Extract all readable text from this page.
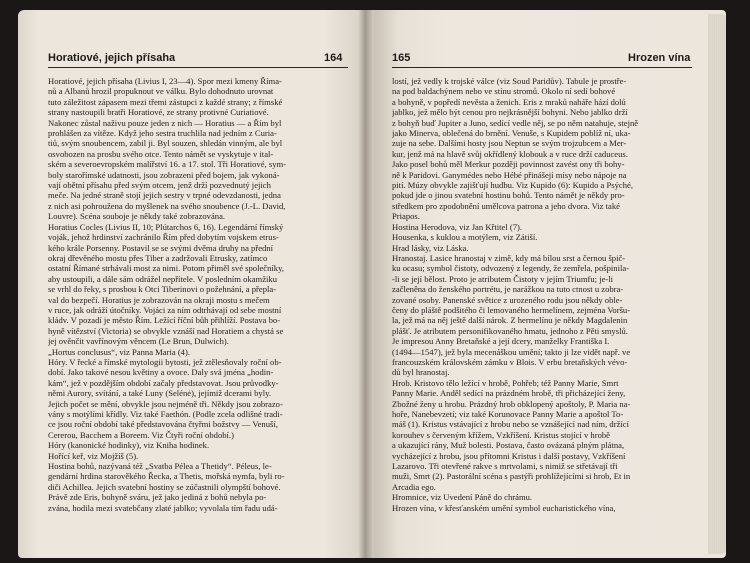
Horatiové, jejich přísaha	164
Horatiové, jejich přísaha (Livius I, 23—4). Spor mezi kmeny Říma-
nů a Albanů hrozil propuknout ve válku. Bylo dohodnuto urovnat
tuto záležitost zápasem mezi třemi zástupci z každé strany; z římské
strany nastoupili bratři Horatiové, ze strany protivné Curiatiové.
Nakonec zůstal naživu pouze jeden z nich — Horatius — a Řím byl
prohlášen za vítěze. Když jeho sestra truchlila nad jedním z Curia-
tiů, svým snoubencem, zabil ji. Byl souzen, shledán vinným, ale byl
osvobozen na prosbu svého otce. Tento námět se vyskytuje v ital-
ském a severoevropském malířství 16. a 17. stol. Tři Horatiové, sym-
boly starořímské udatnosti, jsou zobrazeni před bojem, jak vykoná-
vají obětní přísahu před svým otcem, jenž drží pozvednutý jejich
meče. Na jedné straně stojí jejich sestry v trpné odevzdanosti, jedna
z nich asi pohroužena do myšlenek na svého snoubence (J.-L. David,
Louvre). Scéna souboje je někdy také zobrazována.
Horatius Cocles (Livius II, 10; Plútarchos 6, 16). Legendární římský
voják, jehož hrdinství zachránilo Řím před dobytím vojskem etrus-
kého krále Porsenny. Postavil se se svými dvěma druhy na přední
okraj dřevěného mostu přes Tiber a zadržovali Etrusky, zatímco
ostatní Římané strhávali most za nimi. Potom přiměl své společníky,
aby ustoupili, a dále sám odrážel nepřítele. V posledním okamžiku
se vrhl do řeky, s prosbou k Otci Tiberinovi o požehnání, a přepla-
val do bezpečí. Horatius je zobrazován na okraji mostu s mečem
v ruce, jak odráží útočníky. Vojáci za ním odtrhávají od sebe mostní
kládv. V pozadí je město Řím. Ležící říční bůh přihlíží. Postava bo-
hyně vítězství (Victoria) se obvykle vznáší nad Horatiem a chystá se
jej ověnčit vavřínovým věncem (Le Brun, Dulwich).
„Hortus conclusus“, viz Panna Maria (4).
Hóry. V řecké a římské mytologii bytosti, jež ztělesňovaly roční ob-
dobí. Jako takové nesou květiny a ovoce. Daly svá jména „hodin-
kám“, jež v pozdějším období začaly představovat. Jsou průvodky-
němi Aurory, svítání, a také Luny (Selénė), jejímiž dcerami byly.
Jejich počet se mění, obvykle jsou nejméně tři. Někdy jsou zobrazo-
vány s motýlími křídly. Viz také Faethón. (Podle zcela odlišné tradi-
ce jsou roční období také představována čtyřmi božstvy — Venuší,
Cererou, Bacchem a Boreem. Viz Čtyři roční období.)
Hóry (kanonické hodinky), viz Kniha hodinek.
Hořící keř, viz Mojžíš (5).
Hostina bohů, nazývaná též „Svatba Pélea a Thetidy“. Péleus, le-
gendární hrdina starověkého Řecka, a Thetis, mořská nymfa, byli ro-
diči Achillea. Jejich svatební hostiny se zúčastnili olympští bohové.
Právě zde Eris, bohyně sváru, jež jako jediná z bohů nebyla po-
zvána, hodila mezi svatebčany zlaté jablko; vyvolala tím řadu udá-
165	Hrozen vína
lostí, jež vedly k trojské válce (viz Soud Paridův). Tabule je prostře-
na pod baldachýnem nebo ve stínu stromů. Okolo ní sedí bohové
a bohyně, v popředí nevěsta a ženich. Eris z mraků naháře hází dolů
jablko, jež mělo být cenou pro nejkrásnější bohyni. Nebo jablko drží
z bohyň buď Jupiter a Juno, sedící vedle něj, se po něm natahuje, stejně
jako Minerva, oblečená do brnění. Venuše, s Kupidem poblíž ní, uka-
zuje na sebe. Dalšími hosty jsou Neptun se svým trojzubcem a Mer-
kur, jenž má na hlavě svůj okřídlený klobouk a v ruce drží caduceus.
Jako posel bohů měl Merkur později povinnost zavést ony tři bohy-
ně k Paridovi. Ganymédes nebo Hébé přinášejí mísy nebo nápoje na
pití. Múzy obvykle zajišťují hudbu. Viz Kupido (6): Kupido a Psýché,
pokud jde o jinou svatební hostinu bohů. Tento námět je někdy pro-
středkem pro zpodobnění umělcova patrona a jeho dvora. Viz také
Priapos.
Hostina Herodova, viz Jan Křtitel (7).
Housenka, s kuklou a motýlem, viz Zátiší.
Hrad lásky, viz Láska.
Hranostaj. Lasice hranostaj v zimě, kdy má bílou srst a černou špič-
ku ocasu; symbol čistoty, odvozený z legendy, že zemřela, pošpinila-
-li se její bělost. Proto je atributem Čistoty v jejím Triumfu; je-li
začleněna do ženského portrétu, je narážkou na tuto ctnost u zobra-
zované osoby. Panenské světice z urozeného rodu jsou někdy oble-
čeny do pláště podšitého či lemovaného hermelínem, zejména Voršu-
la, jež má na něj ještě další nárok. Z hermelínu je někdy Magdalenin
plášť. Je atributem personifikovaného hmatu, jednoho z Pěti smyslů.
Je impresou Anny Bretaňské a její dcery, manželky Františka I.
(1494—1547), jež byla mecenáškou umění; takto ji lze vidět např. ve
francouzském královském zámku v Blois. V erbu bretaňských vévo-
dů byl hranostaj.
Hrob. Kristovo tělo ležící v hrobě, Pohřeb; též Panny Marie, Smrt
Panny Marie. Anděl sedící na prázdném hrobě, tři přicházející ženy,
Zbožné ženy u hrobu. Prázdný hrob obklopený apoštoly, P. Maria na-
hoře, Nanebevzetí; viz také Korunovace Panny Marie a apoštol To-
máš (1). Kristus vstávající z hrobu nebo se vznášející nad ním, držící
korouhev s červeným křížem, Vzkříšení. Kristus stojící v hrobě
a ukazující rány, Muž bolesti. Postava, často ovázaná plným plátna,
vycházející z hrobu, jsou přítomni Kristus i další postavy, Vzkříšení
Lazarovo. Tři otevřené rakve s mrtvolami, s nimiž se střetávají tři
muži, Smrt (2). Pastorální scéna s pastýři prohlížejícími si hrob, Et in
Arcadia ego.
Hromnice, viz Uvedení Páně do chrámu.
Hrozen vína, v křesťanském umění symbol eucharistického vína,
